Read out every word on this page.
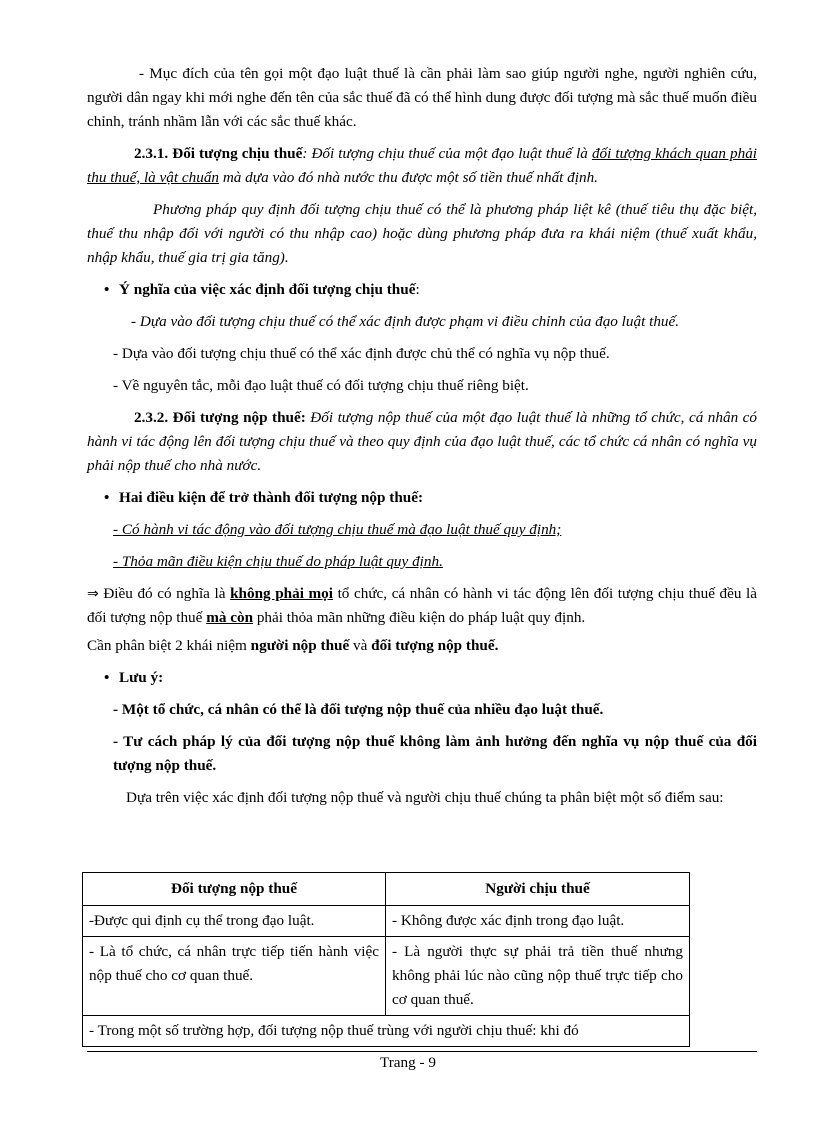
- Mục đích của tên gọi một đạo luật thuế là cần phải làm sao giúp người nghe, người nghiên cứu, người dân ngay khi mới nghe đến tên của sắc thuế đã có thể hình dung được đối tượng mà sắc thuế muốn điều chỉnh, tránh nhầm lẫn với các sắc thuế khác.

2.3.1. Đối tượng chịu thuế: Đối tượng chịu thuế của một đạo luật thuế là đối tượng khách quan phải thu thuế, là vật chuẩn mà dựa vào đó nhà nước thu được một số tiền thuế nhất định.

Phương pháp quy định đối tượng chịu thuế có thể là phương pháp liệt kê (thuế tiêu thụ đặc biệt, thuế thu nhập đối với người có thu nhập cao) hoặc dùng phương pháp đưa ra khái niệm (thuế xuất khẩu, nhập khẩu, thuế gia trị gia tăng).

• Ý nghĩa của việc xác định đối tượng chịu thuế:

- Dựa vào đối tượng chịu thuế có thể xác định được phạm vi điều chỉnh của đạo luật thuế.

- Dựa vào đối tượng chịu thuế có thể xác định được chủ thể có nghĩa vụ nộp thuế.

- Về nguyên tắc, mỗi đạo luật thuế có đối tượng chịu thuế riêng biệt.

2.3.2. Đối tượng nộp thuế: Đối tượng nộp thuế của một đạo luật thuế là những tổ chức, cá nhân có hành vi tác động lên đối tượng chịu thuế và theo quy định của đạo luật thuế, các tổ chức cá nhân có nghĩa vụ phải nộp thuế cho nhà nước.

• Hai điều kiện để trở thành đối tượng nộp thuế:

- Có hành vi tác động vào đối tượng chịu thuế mà đạo luật thuế quy định;

- Thỏa mãn điều kiện chịu thuế do pháp luật quy định.

⇒ Điều đó có nghĩa là không phải mọi tổ chức, cá nhân có hành vi tác động lên đối tượng chịu thuế đều là đối tượng nộp thuế mà còn phải thỏa mãn những điều kiện do pháp luật quy định.

Cần phân biệt 2 khái niệm người nộp thuế và đối tượng nộp thuế.

• Lưu ý:

- Một tổ chức, cá nhân có thể là đối tượng nộp thuế của nhiều đạo luật thuế.

- Tư cách pháp lý của đối tượng nộp thuế không làm ảnh hưởng đến nghĩa vụ nộp thuế của đối tượng nộp thuế.

Dựa trên việc xác định đối tượng nộp thuế và người chịu thuế chúng ta phân biệt một số điểm sau:

Đối tượng nộp thuế	Người chịu thuế
-Được qui định cụ thể trong đạo luật.	- Không được xác định trong đạo luật.
- Là tổ chức, cá nhân trực tiếp tiến hành việc nộp thuế cho cơ quan thuế.	- Là người thực sự phải trả tiền thuế nhưng không phải lúc nào cũng nộp thuế trực tiếp cho cơ quan thuế.
- Trong một số trường hợp, đối tượng nộp thuế trùng với người chịu thuế: khi đó	
Trang - 9
